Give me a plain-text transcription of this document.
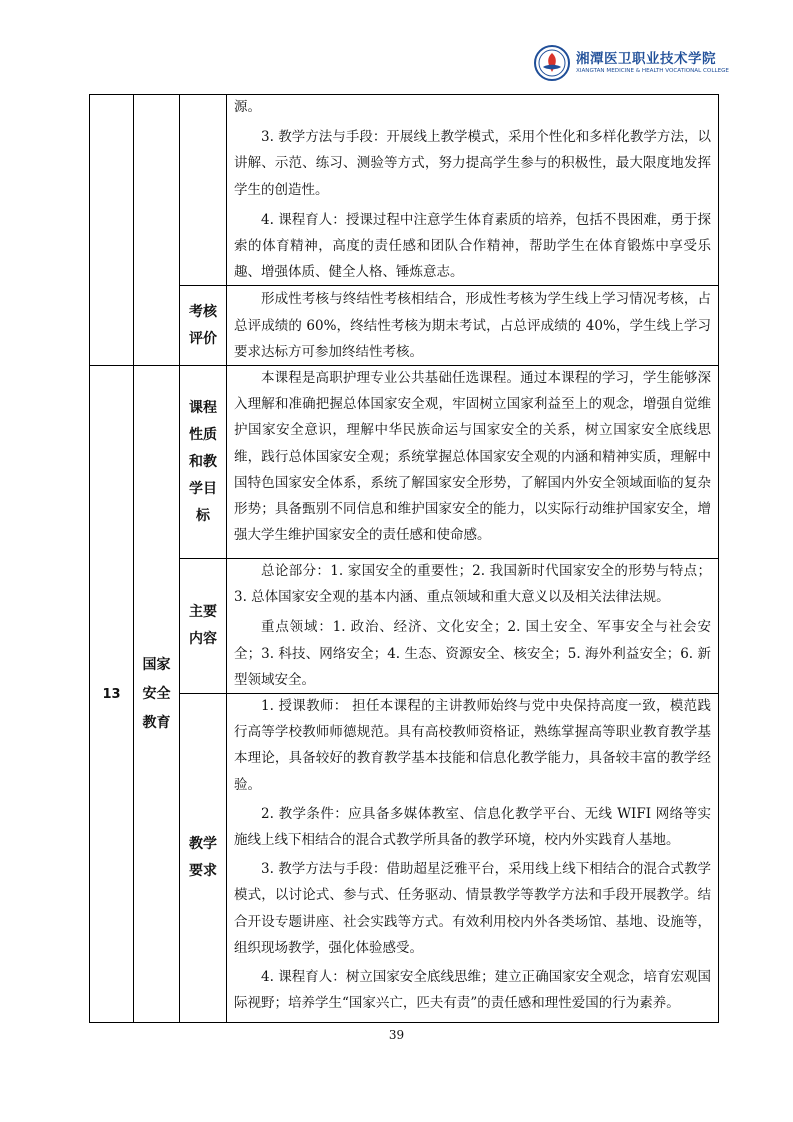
湘潭医卫职业技术学院
XIANGTAN MEDICINE & HEALTH VOCATIONAL COLLEGE

			源。

3. 教学方法与手段：开展线上教学模式，采用个性化和多样化教学方法，以讲解、示范、练习、测验等方式，努力提高学生参与的积极性，最大限度地发挥学生的创造性。

4. 课程育人：授课过程中注意学生体育素质的培养，包括不畏困难，勇于探索的体育精神，高度的责任感和团队合作精神，帮助学生在体育锻炼中享受乐趣、增强体质、健全人格、锤炼意志。

		考核评价	形成性考核与终结性考核相结合，形成性考核为学生线上学习情况考核，占总评成绩的 60%，终结性考核为期末考试，占总评成绩的 40%，学生线上学习要求达标方可参加终结性考核。

13	国家安全教育	课程性质和教学目标	本课程是高职护理专业公共基础任选课程。通过本课程的学习，学生能够深入理解和准确把握总体国家安全观，牢固树立国家利益至上的观念，增强自觉维护国家安全意识，理解中华民族命运与国家安全的关系，树立国家安全底线思维，践行总体国家安全观；系统掌握总体国家安全观的内涵和精神实质，理解中国特色国家安全体系，系统了解国家安全形势，了解国内外安全领域面临的复杂形势；具备甄别不同信息和维护国家安全的能力，以实际行动维护国家安全，增强大学生维护国家安全的责任感和使命感。

		主要内容	总论部分：1. 家国安全的重要性；2. 我国新时代国家安全的形势与特点；3. 总体国家安全观的基本内涵、重点领域和重大意义以及相关法律法规。

重点领域：1. 政治、经济、文化安全；2. 国土安全、军事安全与社会安全；3. 科技、网络安全；4. 生态、资源安全、核安全；5. 海外利益安全；6. 新型领域安全。

		教学要求	1. 授课教师： 担任本课程的主讲教师始终与党中央保持高度一致，模范践行高等学校教师师德规范。具有高校教师资格证，熟练掌握高等职业教育教学基本理论，具备较好的教育教学基本技能和信息化教学能力，具备较丰富的教学经验。

2. 教学条件：应具备多媒体教室、信息化教学平台、无线 WIFI 网络等实施线上线下相结合的混合式教学所具备的教学环境，校内外实践育人基地。

3. 教学方法与手段：借助超星泛雅平台，采用线上线下相结合的混合式教学模式，以讨论式、参与式、任务驱动、情景教学等教学方法和手段开展教学。结合开设专题讲座、社会实践等方式。有效利用校内外各类场馆、基地、设施等，组织现场教学，强化体验感受。

4. 课程育人：树立国家安全底线思维；建立正确国家安全观念，培育宏观国际视野；培养学生“国家兴亡，匹夫有责”的责任感和理性爱国的行为素养。

39
